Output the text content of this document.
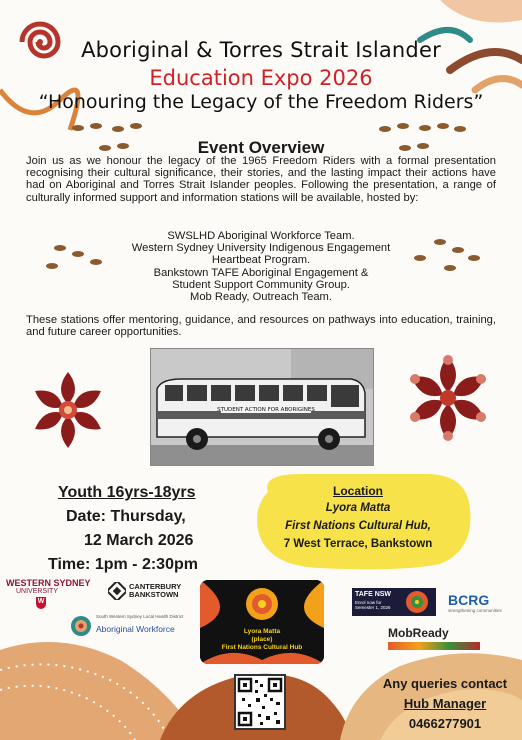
Aboriginal & Torres Strait Islander
Education Expo 2026
“Honouring the Legacy of the Freedom Riders”
Event Overview
Join us as we honour the legacy of the 1965 Freedom Riders with a formal presentation recognising their cultural significance, their stories, and the lasting impact their actions have had on Aboriginal and Torres Strait Islander peoples. Following the presentation, a range of culturally informed support and information stations will be available, hosted by:
SWSLHD Aboriginal Workforce Team.
Western Sydney University Indigenous Engagement
Heartbeat Program.
Bankstown TAFE Aboriginal Engagement &
Student Support Community Group.
Mob Ready, Outreach Team.
These stations offer mentoring, guidance, and resources on pathways into education, training, and future career opportunities.
STUDENT ACTION FOR ABORIGINES
Youth 16yrs-18yrs
Date: Thursday,
12 March 2026
Time: 1pm - 2:30pm
Location
Lyora Matta
First Nations Cultural Hub,
7 West Terrace, Bankstown
WESTERN SYDNEY
UNIVERSITY
W
CANTERBURY
BANKSTOWN
South Western Sydney Local Health District
Aboriginal Workforce	Lyora Matta
(place)
First Nations Cultural Hub
TAFE NSW
Enrol now for Semester 1, 2026	BCRG
strengthening communities
MobReady
Any queries contact
Hub Manager
0466277901
